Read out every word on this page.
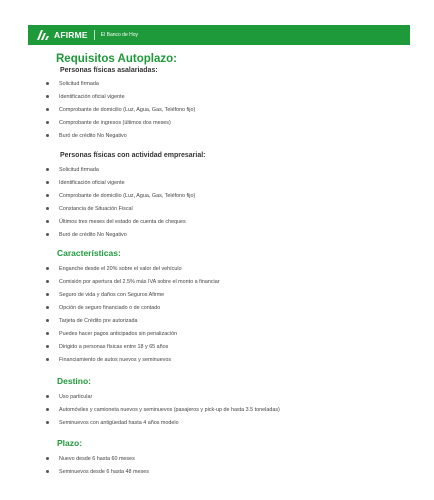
AFIRME	El Banco de Hoy
Requisitos Autoplazo:
Personas físicas asalariadas:
Solicitud firmada
Identificación oficial vigente
Comprobante de domicilio (Luz, Agua, Gas, Teléfono fijo)
Comprobante de ingresos (últimos dos meses)
Buró de crédito No Negativo
Personas físicas con actividad empresarial:
Solicitud firmada
Identificación oficial vigente
Comprobante de domicilio (Luz, Agua, Gas, Teléfono fijo)
Constancia de Situación Fiscal
Últimos tres meses del estado de cuenta de cheques
Buró de crédito No Negativo
Características:
Enganche desde el 20% sobre el valor del vehículo
Comisión por apertura del 2.5% más IVA sobre el monto a financiar
Seguro de vida y daños con Seguros Afirme
Opción de seguro financiado o de contado
Tarjeta de Crédito pre autorizada
Puedes hacer pagos anticipados sin penalización
Dirigido a personas físicas entre 18 y 65 años
Financiamiento de autos nuevos y seminuevos
Destino:
Uso particular
Automóviles y camioneta nuevos y seminuevos (pasajeros y pick-up de hasta 3.5 toneladas)
Seminuevos con antigüedad hasta 4 años modelo
Plazo:
Nuevo desde 6 hasta 60 meses
Seminuevos desde 6 hasta 48 meses
